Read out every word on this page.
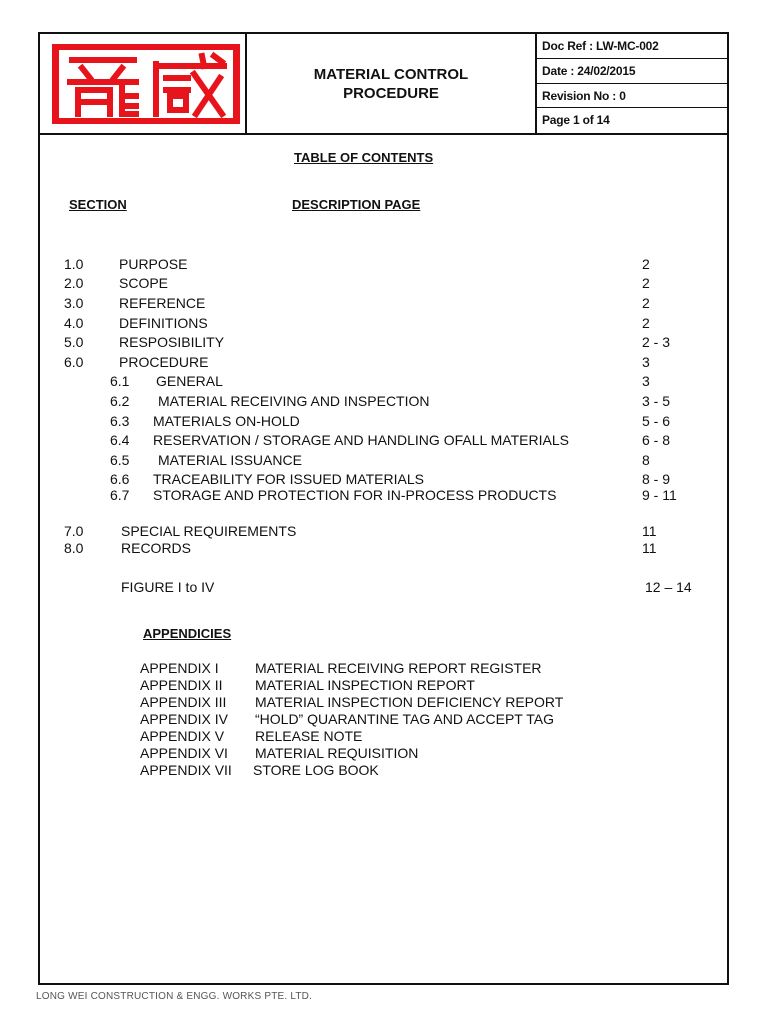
MATERIAL CONTROL
PROCEDURE
Doc Ref : LW-MC-002
Date : 24/02/2015
Revision No : 0
Page 1 of 14
TABLE OF CONTENTS
SECTION	DESCRIPTION PAGE
1.0	PURPOSE	2
2.0	SCOPE	2
3.0	REFERENCE	2
4.0	DEFINITIONS	2
5.0	RESPOSIBILITY	2 - 3
6.0	PROCEDURE	3
6.1 GENERAL	3
6.2 MATERIAL RECEIVING AND INSPECTION	3 - 5
6.3 MATERIALS ON-HOLD	5 - 6
6.4 RESERVATION / STORAGE AND HANDLING OFALL MATERIALS	6 - 8
6.5 MATERIAL ISSUANCE	8
6.6 TRACEABILITY FOR ISSUED MATERIALS	8 - 9
6.7 STORAGE AND PROTECTION FOR IN-PROCESS PRODUCTS	9 - 11
7.0	SPECIAL REQUIREMENTS	11
8.0	RECORDS	11
FIGURE I to IV	12 – 14
APPENDICIES
APPENDIX I	MATERIAL RECEIVING REPORT REGISTER
APPENDIX II MATERIAL INSPECTION REPORT
APPENDIX III MATERIAL INSPECTION DEFICIENCY REPORT
APPENDIX IV “HOLD” QUARANTINE TAG AND ACCEPT TAG
APPENDIX V RELEASE NOTE
APPENDIX VI MATERIAL REQUISITION
APPENDIX VII STORE LOG BOOK
LONG WEI CONSTRUCTION & ENGG. WORKS PTE. LTD.
